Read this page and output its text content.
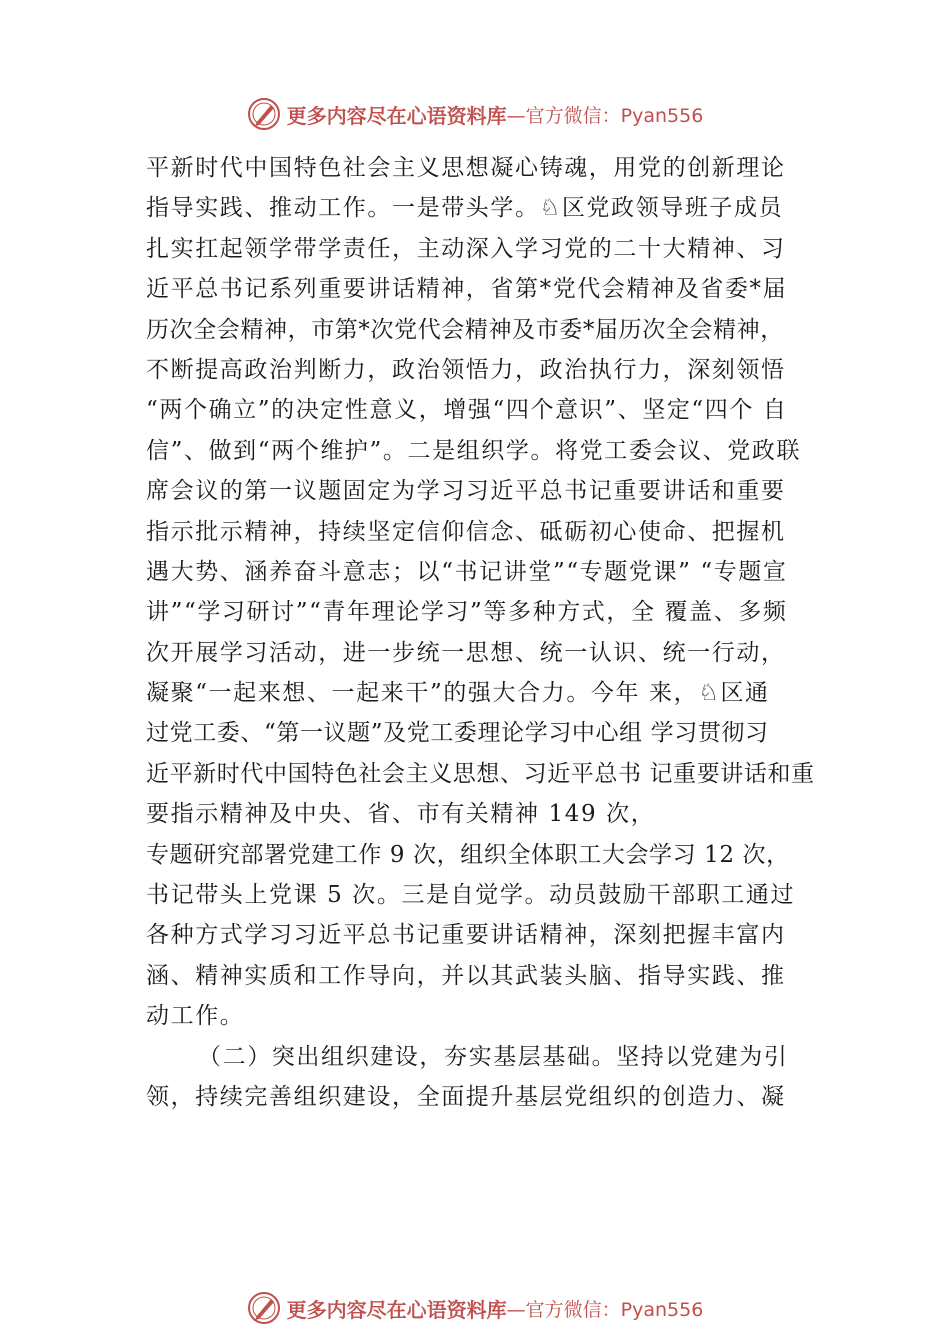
更多内容尽在心语资料库 —官方微信：Pyan556
平新时代中国特色社会主义思想凝心铸魂，用党的创新理论
指导实践、推动工作。一是带头学。♘区党政领导班子成员
扎实扛起领学带学责任，主动深入学习党的二十大精神、习
近平总书记系列重要讲话精神，省第*党代会精神及省委*届
历次全会精神，市第*次党代会精神及市委*届历次全会精神，
不断提高政治判断力，政治领悟力，政治执行力，深刻领悟
“两个确立”的决定性意义，增强“四个意识”、坚定“四个 自
信”、做到“两个维护”。二是组织学。将党工委会议、党政联
席会议的第一议题固定为学习习近平总书记重要讲话和重要
指示批示精神，持续坚定信仰信念、砥砺初心使命、把握机
遇大势、涵养奋斗意志；以“书记讲堂”“专题党课” “专题宣
讲”“学习研讨”“青年理论学习”等多种方式，全 覆盖、多频
次开展学习活动，进一步统一思想、统一认识、统一行动，
凝聚“一起来想、一起来干”的强大合力。今年 来，♘区通
过党工委、“第一议题”及党工委理论学习中心组 学习贯彻习
近平新时代中国特色社会主义思想、习近平总书 记重要讲话和重
要指示精神及中央、省、市有关精神 149 次，
专题研究部署党建工作 9 次，组织全体职工大会学习 12 次，
书记带头上党课 5 次。三是自觉学。动员鼓励干部职工通过
各种方式学习习近平总书记重要讲话精神，深刻把握丰富内
涵、精神实质和工作导向，并以其武装头脑、指导实践、推
动工作。
（二）突出组织建设，夯实基层基础。坚持以党建为引
领，持续完善组织建设，全面提升基层党组织的创造力、凝
更多内容尽在心语资料库 —官方微信：Pyan556
